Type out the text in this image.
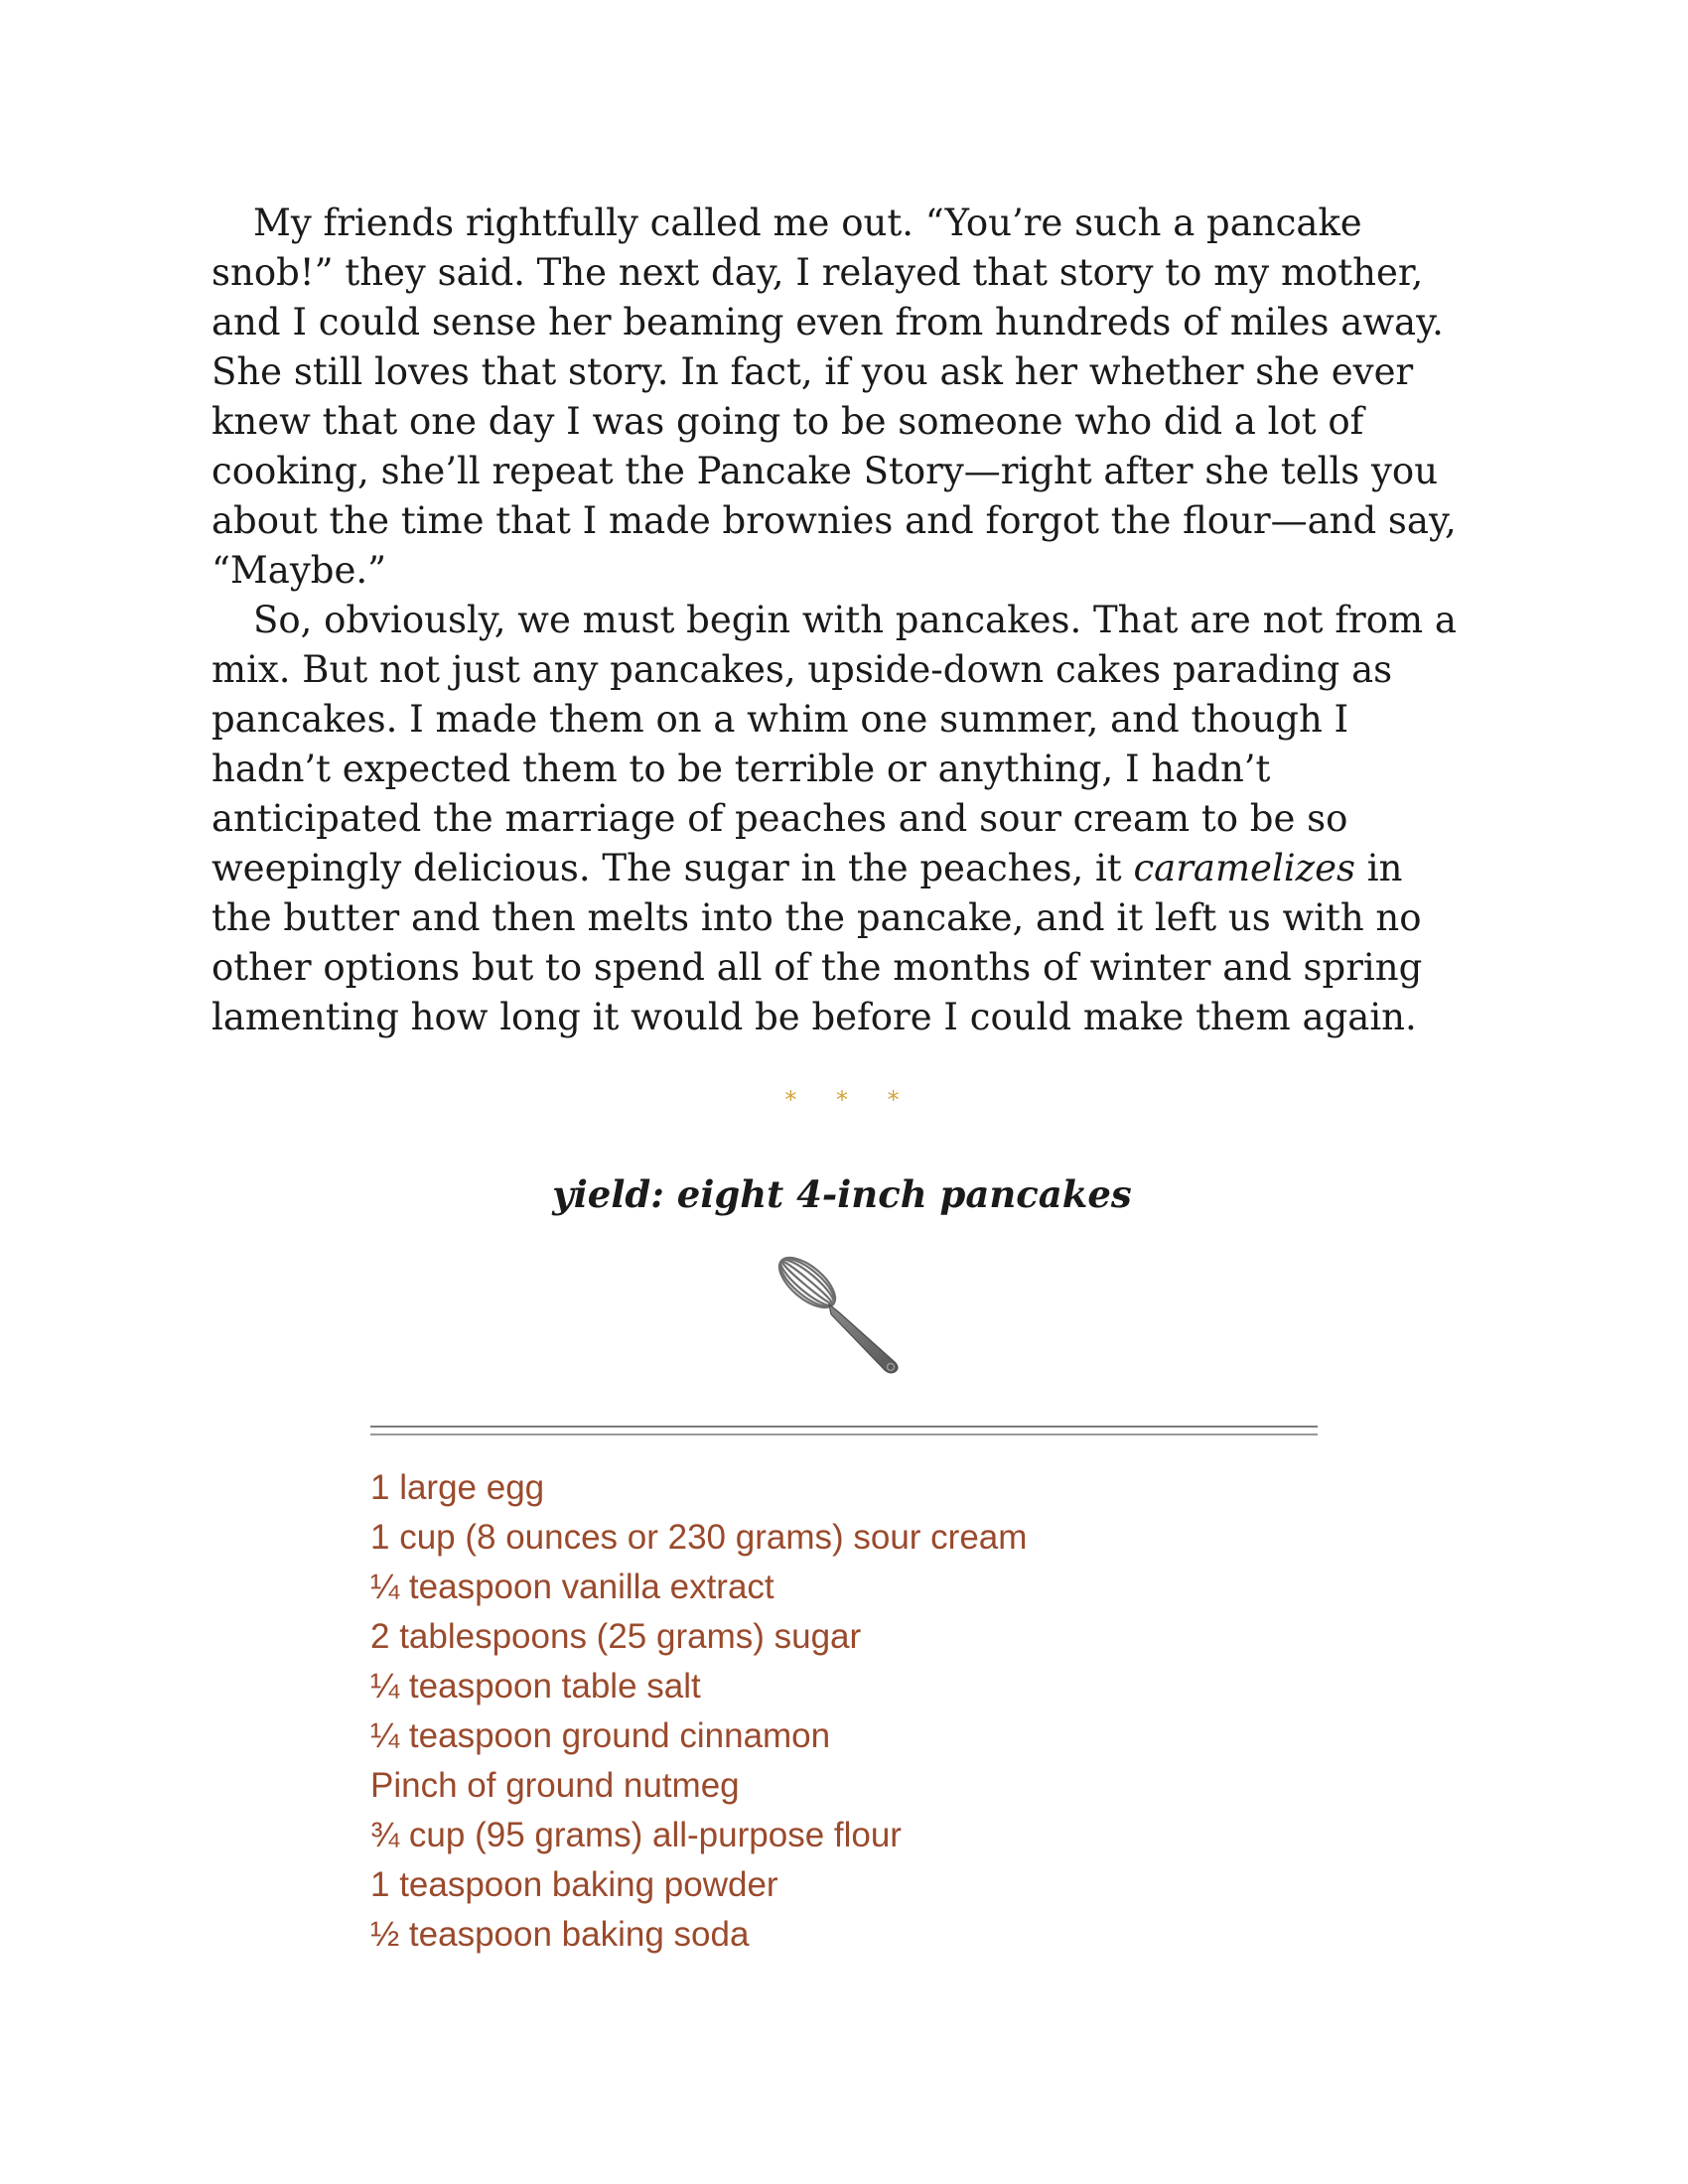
My friends rightfully called me out. “You’re such a pancake snob!” they said. The next day, I relayed that story to my mother, and I could sense her beaming even from hundreds of miles away. She still loves that story. In fact, if you ask her whether she ever knew that one day I was going to be someone who did a lot of cooking, she’ll repeat the Pancake Story—right after she tells you about the time that I made brownies and forgot the flour—and say, “Maybe.”

So, obviously, we must begin with pancakes. That are not from a mix. But not just any pancakes, upside-down cakes parading as pancakes. I made them on a whim one summer, and though I hadn’t expected them to be terrible or anything, I hadn’t anticipated the marriage of peaches and sour cream to be so weepingly delicious. The sugar in the peaches, it caramelizes in the butter and then melts into the pancake, and it left us with no other options but to spend all of the months of winter and spring lamenting how long it would be before I could make them again.

* * *
yield: eight 4-inch pancakes
1 large egg
1 cup (8 ounces or 230 grams) sour cream
¼ teaspoon vanilla extract
2 tablespoons (25 grams) sugar
¼ teaspoon table salt
¼ teaspoon ground cinnamon
Pinch of ground nutmeg
¾ cup (95 grams) all-purpose flour
1 teaspoon baking powder
½ teaspoon baking soda
